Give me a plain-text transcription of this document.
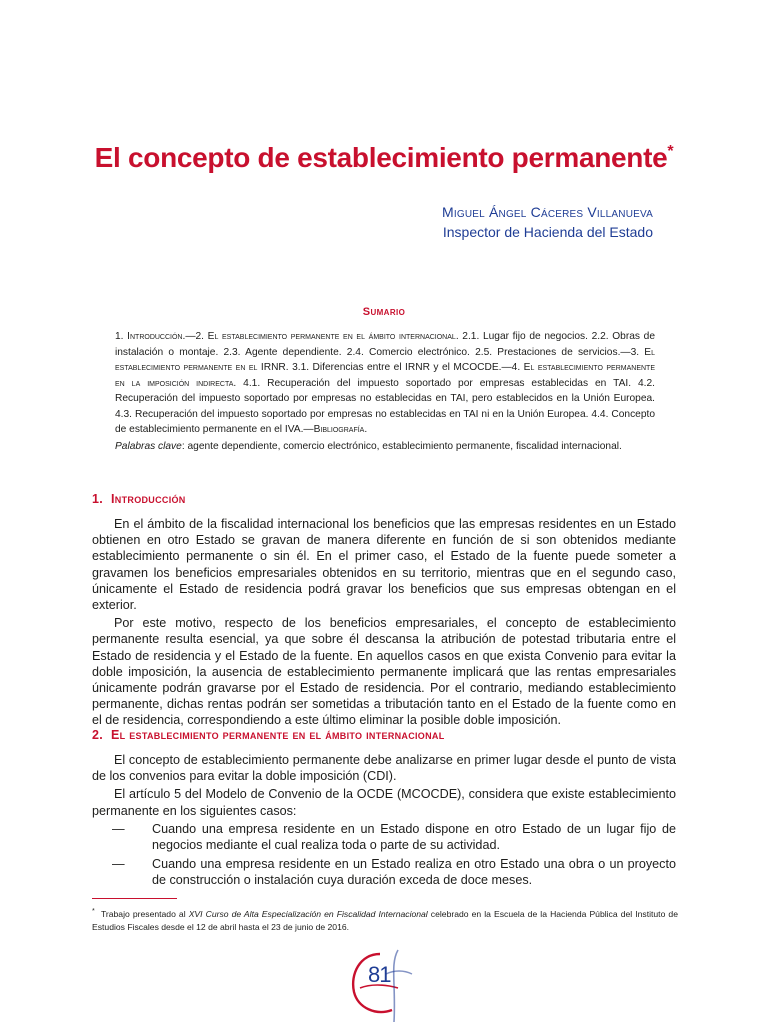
El concepto de establecimiento permanente*
Miguel Ángel Cáceres Villanueva
Inspector de Hacienda del Estado
Sumario
1. Introducción.—2. El establecimiento permanente en el ámbito internacional. 2.1. Lugar fijo de negocios. 2.2. Obras de instalación o montaje. 2.3. Agente dependiente. 2.4. Comercio electrónico. 2.5. Prestaciones de servicios.—3. El establecimiento permanente en el IRNR. 3.1. Diferencias entre el IRNR y el MCOCDE.—4. El establecimiento permanente en la imposición indirecta. 4.1. Recuperación del impuesto soportado por empresas establecidas en TAI. 4.2. Recuperación del impuesto soportado por empresas no establecidas en TAI, pero establecidos en la Unión Europea. 4.3. Recuperación del impuesto soportado por empresas no establecidas en TAI ni en la Unión Europea. 4.4. Concepto de establecimiento permanente en el IVA.—Bibliografía.
Palabras clave: agente dependiente, comercio electrónico, establecimiento permanente, fiscalidad internacional.
1. Introducción

En el ámbito de la fiscalidad internacional los beneficios que las empresas residentes en un Estado obtienen en otro Estado se gravan de manera diferente en función de si son obtenidos mediante establecimiento permanente o sin él. En el primer caso, el Estado de la fuente puede someter a gravamen los beneficios empresariales obtenidos en su territorio, mientras que en el segundo caso, únicamente el Estado de residencia podrá gravar los beneficios que sus empresas obtengan en el exterior.

Por este motivo, respecto de los beneficios empresariales, el concepto de establecimiento permanente resulta esencial, ya que sobre él descansa la atribución de potestad tributaria entre el Estado de residencia y el Estado de la fuente. En aquellos casos en que exista Convenio para evitar la doble imposición, la ausencia de establecimiento permanente implicará que las rentas empresariales únicamente podrán gravarse por el Estado de residencia. Por el contrario, mediando establecimiento permanente, dichas rentas podrán ser sometidas a tributación tanto en el Estado de la fuente como en el de residencia, correspondiendo a este último eliminar la posible doble imposición.

2. El establecimiento permanente en el ámbito internacional

El concepto de establecimiento permanente debe analizarse en primer lugar desde el punto de vista de los convenios para evitar la doble imposición (CDI).

El artículo 5 del Modelo de Convenio de la OCDE (MCOCDE), considera que existe establecimiento permanente en los siguientes casos:

—	Cuando una empresa residente en un Estado dispone en otro Estado de un lugar fijo de negocios mediante el cual realiza toda o parte de su actividad.
—	Cuando una empresa residente en un Estado realiza en otro Estado una obra o un proyecto de construcción o instalación cuya duración exceda de doce meses.
* Trabajo presentado al XVI Curso de Alta Especialización en Fiscalidad Internacional celebrado en la Escuela de la Hacienda Pública del Instituto de Estudios Fiscales desde el 12 de abril hasta el 23 de junio de 2016.
81
